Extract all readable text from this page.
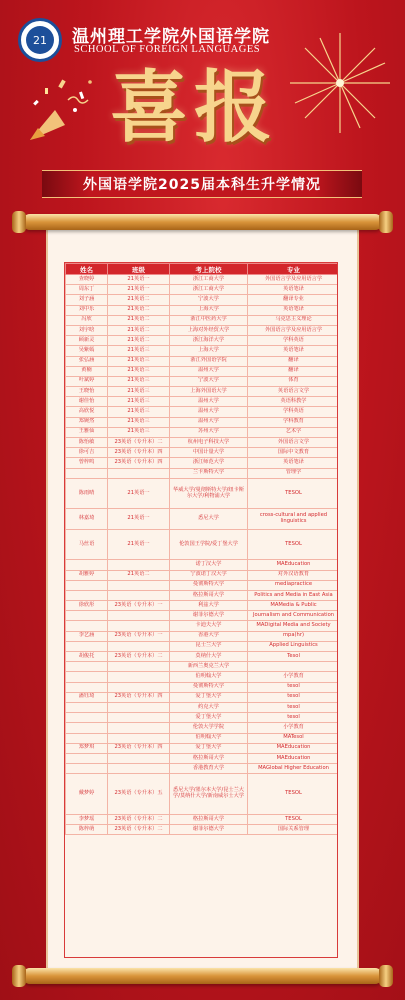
21	温州理工学院外国语学院
SCHOOL OF FOREIGN LANGUAGES
喜报
外国语学院2025届本科生升学情况
姓名	班级	考上院校	专业
查晓婷	21英语一	浙江工商大学	外国语言学及应用语言学
周东丁	21英语一	浙江工商大学	英语笔译
刘子涵	21英语二	宁波大学	翻译专业
刘中乐	21英语二	上海大学	英语笔译
冯欣	21英语二	浙江中医药大学	马克思主义理论
刘宇晗	21英语二	上海对外经贸大学	外国语言学及应用语言学
顾新灵	21英语二	浙江海洋大学	学科英语
吴紫嫣	21英语三	上海大学	英语笔译
张弘涵	21英语三	浙江外国语学院	翻译
黄楠	21英语三	温州大学	翻译
叶斌婷	21英语三	宁波大学	体育
王晓怡	21英语三	上海外国语大学	英语语言文学
谢佳怡	21英语三	温州大学	英语科教学
高欣悦	21英语三	温州大学	学科英语
郑婉然	21英语三	温州大学	学科教育
王雅仙	21英语三	苏州大学	艺术学
陈怡敏	23英语（专升本）二	杭州电子科技大学	外国语言文学
徐可吉	23英语（专升本）四	中国计量大学	国际中文教育
曾梓鸣	23英语（专升本）四	浙江师范大学	英语笔译
		兰卡斯特大学	管理学
陈雨晴	21英语一	华威大学/曼彻斯特大学/纽卡斯尔大学/利物浦大学	TESOL
林嘉琦	21英语一	悉尼大学	cross-cultural and applied linguistics
马丝语	21英语一	伦敦国王学院/爱丁堡大学	TESOL
		诺丁汉大学	MAEducation
胡雅婷	21英语二	宁波诺丁汉大学	对外汉语教育
		曼彻斯特大学	mediapractice
		格拉斯哥大学	Politics and Media in East Asia
徐欣彤	23英语（专升本）一	利兹大学	MAMedia & Public
		谢菲尔德大学	Journalism and Communication
		卡迪夫大学	MADigital Media and Society
李艺涵	23英语（专升本）一	香港大学	mpa(hr)
		昆士兰大学	Applied Linguistics
胡俊托	23英语（专升本）二	莫纳什大学	Tesol
		新西兰奥克兰大学	
		伯明翰大学	小学教育
		曼彻斯特大学	tesol
潘钰琦	23英语（专升本）四	爱丁堡大学	tesol
		约克大学	tesol
		爱丁堡大学	tesol
		伦敦大学学院	小学教育
		伯明翰大学	MATesol
郑梦琪	23英语（专升本）四	爱丁堡大学	MAEducation
		格拉斯哥大学	MAEducation
		香港教育大学	MAGlobal Higher Education
戴梦婷	23英语（专升本）五	悉尼大学/墨尔本大学/昆士兰大学/莫纳什大学/新南威尔士大学	TESOL
李梦瑶	23英语（专升本）二	格拉斯哥大学	TESOL
陈梓萌	23英语（专升本）二	谢菲尔德大学	国际关系管理
